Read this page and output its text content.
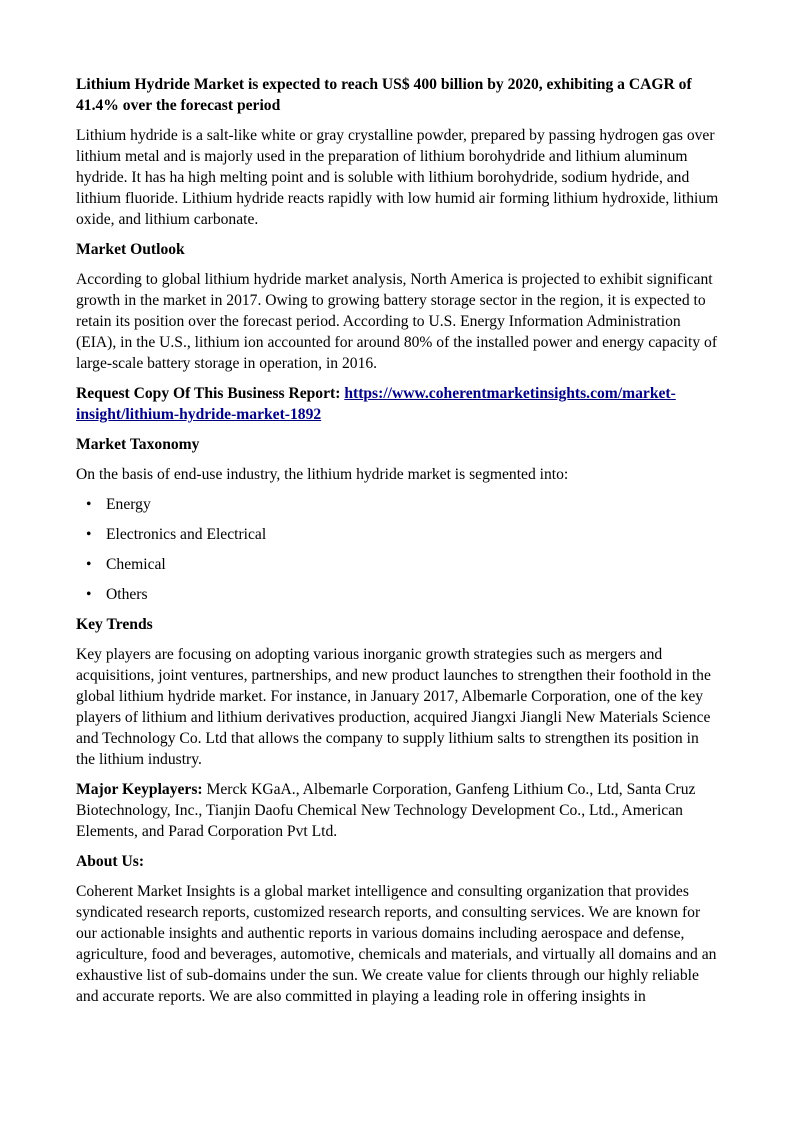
Lithium Hydride Market is expected to reach US$ 400 billion by 2020, exhibiting a CAGR of 41.4% over the forecast period

Lithium hydride is a salt-like white or gray crystalline powder, prepared by passing hydrogen gas over lithium metal and is majorly used in the preparation of lithium borohydride and lithium aluminum hydride. It has ha high melting point and is soluble with lithium borohydride, sodium hydride, and lithium fluoride. Lithium hydride reacts rapidly with low humid air forming lithium hydroxide, lithium oxide, and lithium carbonate.

Market Outlook

According to global lithium hydride market analysis, North America is projected to exhibit significant growth in the market in 2017. Owing to growing battery storage sector in the region, it is expected to retain its position over the forecast period. According to U.S. Energy Information Administration (EIA), in the U.S., lithium ion accounted for around 80% of the installed power and energy capacity of large-scale battery storage in operation, in 2016.

Request Copy Of This Business Report: https://www.coherentmarketinsights.com/market-insight/lithium-hydride-market-1892

Market Taxonomy

On the basis of end-use industry, the lithium hydride market is segmented into:

• Energy
• Electronics and Electrical
• Chemical
• Others

Key Trends

Key players are focusing on adopting various inorganic growth strategies such as mergers and acquisitions, joint ventures, partnerships, and new product launches to strengthen their foothold in the global lithium hydride market. For instance, in January 2017, Albemarle Corporation, one of the key players of lithium and lithium derivatives production, acquired Jiangxi Jiangli New Materials Science and Technology Co. Ltd that allows the company to supply lithium salts to strengthen its position in the lithium industry.

Major Keyplayers: Merck KGaA., Albemarle Corporation, Ganfeng Lithium Co., Ltd, Santa Cruz Biotechnology, Inc., Tianjin Daofu Chemical New Technology Development Co., Ltd., American Elements, and Parad Corporation Pvt Ltd.

About Us:

Coherent Market Insights is a global market intelligence and consulting organization that provides syndicated research reports, customized research reports, and consulting services. We are known for our actionable insights and authentic reports in various domains including aerospace and defense, agriculture, food and beverages, automotive, chemicals and materials, and virtually all domains and an exhaustive list of sub-domains under the sun. We create value for clients through our highly reliable and accurate reports. We are also committed in playing a leading role in offering insights in
